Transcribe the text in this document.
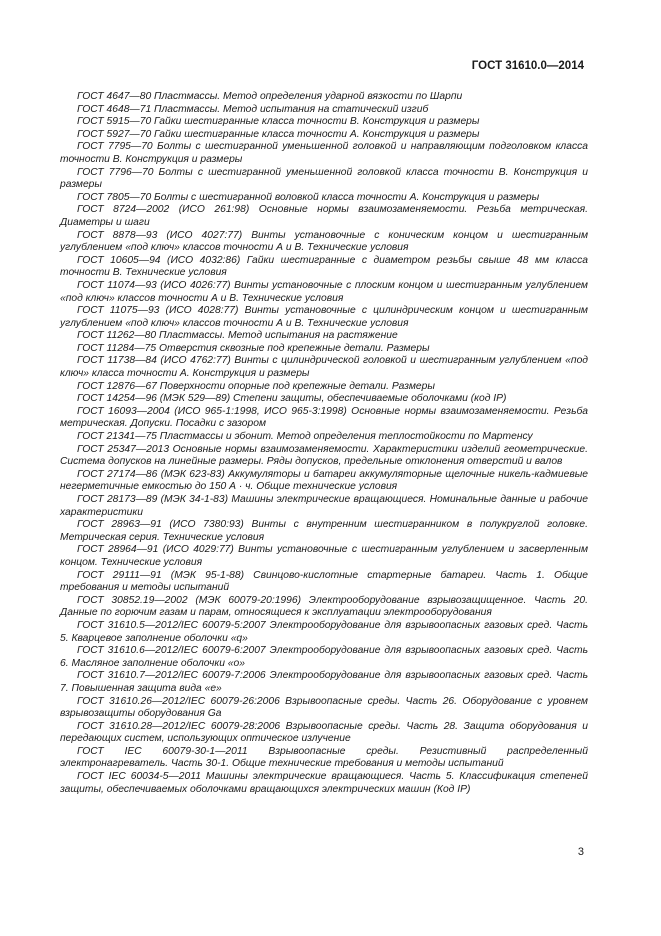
ГОСТ 31610.0—2014

ГОСТ 4647—80 Пластмассы. Метод определения ударной вязкости по Шарпи

ГОСТ 4648—71 Пластмассы. Метод испытания на статический изгиб

ГОСТ 5915—70 Гайки шестигранные класса точности В. Конструкция и размеры

ГОСТ 5927—70 Гайки шестигранные класса точности А. Конструкция и размеры

ГОСТ 7795—70 Болты с шестигранной уменьшенной головкой и направляющим подголовком класса точности В. Конструкция и размеры

ГОСТ 7796—70 Болты с шестигранной уменьшенной головкой класса точности В. Конструкция и размеры

ГОСТ 7805—70 Болты с шестигранной воловкой класса точности А. Конструкция и размеры

ГОСТ 8724—2002 (ИСО 261:98) Основные нормы взаимозаменяемости. Резьба метрическая. Диаметры и шаги

ГОСТ 8878—93 (ИСО 4027:77) Винты установочные с коническим концом и шестигранным углублением «под ключ» классов точности А и В. Технические условия

ГОСТ 10605—94 (ИСО 4032:86) Гайки шестигранные с диаметром резьбы свыше 48 мм класса точности В. Технические условия

ГОСТ 11074—93 (ИСО 4026:77) Винты установочные с плоским концом и шестигранным углублением «под ключ» классов точности А и В. Технические условия

ГОСТ 11075—93 (ИСО 4028:77) Винты установочные с цилиндрическим концом и шестигранным углублением «под ключ» классов точности А и В. Технические условия

ГОСТ 11262—80 Пластмассы. Метод испытания на растяжение

ГОСТ 11284—75 Отверстия сквозные под крепежные детали. Размеры

ГОСТ 11738—84 (ИСО 4762:77) Винты с цилиндрической головкой и шестигранным углублением «под ключ» класса точности А. Конструкция и размеры

ГОСТ 12876—67 Поверхности опорные под крепежные детали. Размеры

ГОСТ 14254—96 (МЭК 529—89) Степени защиты, обеспечиваемые оболочками (код IP)

ГОСТ 16093—2004 (ИСО 965-1:1998, ИСО 965-3:1998) Основные нормы взаимозаменяемости. Резьба метрическая. Допуски. Посадки с зазором

ГОСТ 21341—75 Пластмассы и эбонит. Метод определения теплостойкости по Мартенсу

ГОСТ 25347—2013 Основные нормы взаимозаменяемости. Характеристики изделий геометрические. Система допусков на линейные размеры. Ряды допусков, предельные отклонения отверстий и валов

ГОСТ 27174—86 (МЭК 623-83) Аккумуляторы и батареи аккумуляторные щелочные никель-кадмиевые негерметичные емкостью до 150 А · ч. Общие технические условия

ГОСТ 28173—89 (МЭК 34-1-83) Машины электрические вращающиеся. Номинальные данные и рабочие характеристики

ГОСТ 28963—91 (ИСО 7380:93) Винты с внутренним шестигранником в полукруглой головке. Метрическая серия. Технические условия

ГОСТ 28964—91 (ИСО 4029:77) Винты установочные с шестигранным углублением и засверленным концом. Технические условия

ГОСТ 29111—91 (МЭК 95-1-88) Свинцово-кислотные стартерные батареи. Часть 1. Общие требования и методы испытаний

ГОСТ 30852.19—2002 (МЭК 60079-20:1996) Электрооборудование взрывозащищенное. Часть 20. Данные по горючим газам и парам, относящиеся к эксплуатации электрооборудования

ГОСТ 31610.5—2012/IEC 60079-5:2007 Электрооборудование для взрывоопасных газовых сред. Часть 5. Кварцевое заполнение оболочки «q»

ГОСТ 31610.6—2012/IEC 60079-6:2007 Электрооборудование для взрывоопасных газовых сред. Часть 6. Масляное заполнение оболочки «о»

ГОСТ 31610.7—2012/IEC 60079-7:2006 Электрооборудование для взрывоопасных газовых сред. Часть 7. Повышенная защита вида «е»

ГОСТ 31610.26—2012/IEC 60079-26:2006 Взрывоопасные среды. Часть 26. Оборудование с уровнем взрывозащиты оборудования Ga

ГОСТ 31610.28—2012/IEC 60079-28:2006 Взрывоопасные среды. Часть 28. Защита оборудования и передающих систем, использующих оптическое излучение

ГОСТ IEC 60079-30-1—2011 Взрывоопасные среды. Резистивный распределенный электронагреватель. Часть 30-1. Общие технические требования и методы испытаний

ГОСТ IEC 60034-5—2011 Машины электрические вращающиеся. Часть 5. Классификация степеней защиты, обеспечиваемых оболочками вращающихся электрических машин (Код IP)

3
